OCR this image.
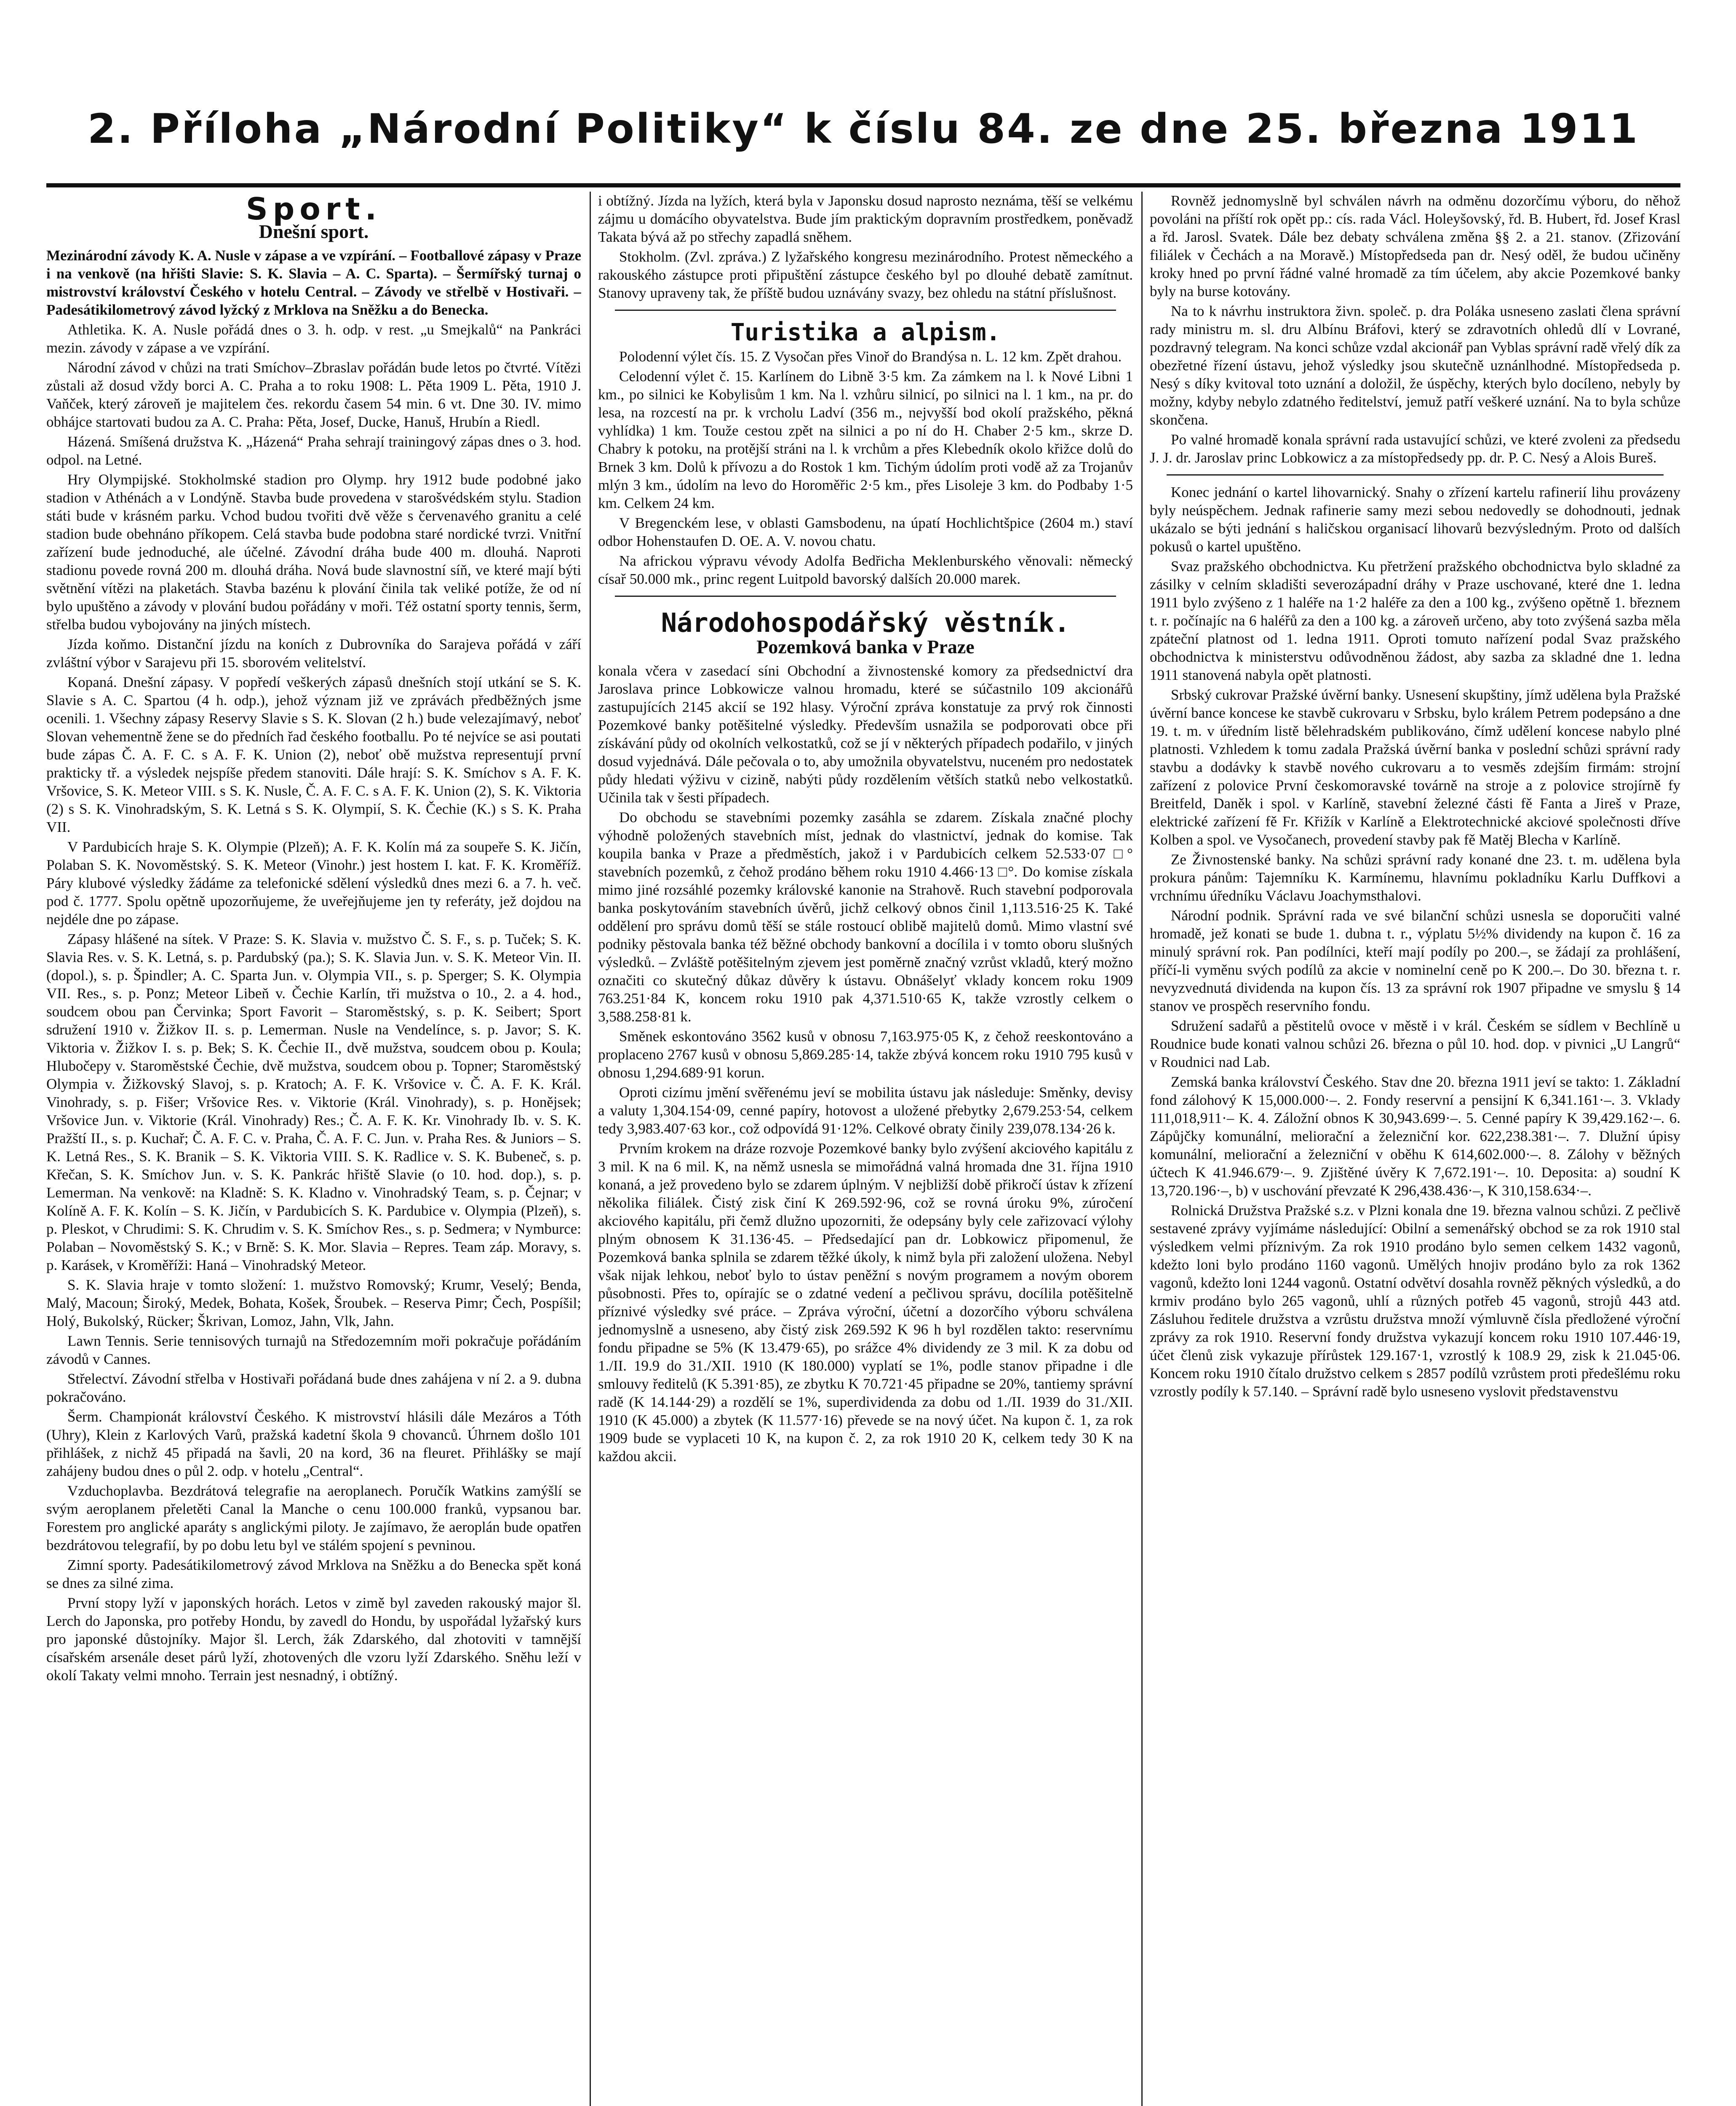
2. Příloha „Národní Politiky“ k číslu 84. ze dne 25. března 1911
Sport.
Dnešní sport.

Mezinárodní závody K. A. Nusle v zápase a ve vzpírání. – Footballové zápasy v Praze i na venkově (na hřišti Slavie: S. K. Slavia – A. C. Sparta). – Šermířský turnaj o mistrovství království Českého v hotelu Central. – Závody ve střelbě v Hostivaři. – Padesátikilometrový závod lyžcký z Mrklova na Sněžku a do Benecka.

Athletika. K. A. Nusle pořádá dnes o 3. h. odp. v rest. „u Smejkalů“ na Pankráci mezin. závody v zápase a ve vzpírání.

Národní závod v chůzi na trati Smíchov–Zbraslav pořádán bude letos po čtvrté. Vítězi zůstali až dosud vždy borci A. C. Praha a to roku 1908: L. Pěta 1909 L. Pěta, 1910 J. Vaňček, který zároveň je majitelem čes. rekordu časem 54 min. 6 vt. Dne 30. IV. mimo obhájce startovati budou za A. C. Praha: Pěta, Josef, Ducke, Hanuš, Hrubín a Riedl.

Házená. Smíšená družstva K. „Házená“ Praha sehrají trainingový zápas dnes o 3. hod. odpol. na Letné.

Hry Olympijské. Stokholmské stadion pro Olymp. hry 1912 bude podobné jako stadion v Athénách a v Londýně. Stavba bude provedena v starošvédském stylu. Stadion státi bude v krásném parku. Vchod budou tvořiti dvě věže s červenavého granitu a celé stadion bude obehnáno příkopem. Celá stavba bude podobna staré nordické tvrzi. Vnitřní zařízení bude jednoduché, ale účelné. Závodní dráha bude 400 m. dlouhá. Naproti stadionu povede rovná 200 m. dlouhá dráha. Nová bude slavnostní síň, ve které mají býti světnění vítězi na plaketách. Stavba bazénu k plování činila tak veliké potíže, že od ní bylo upuštěno a závody v plování budou pořádány v moři. Též ostatní sporty tennis, šerm, střelba budou vybojovány na jiných místech.

Jízda koňmo. Distanční jízdu na koních z Dubrovníka do Sarajeva pořádá v září zvláštní výbor v Sarajevu při 15. sborovém velitelství.

Kopaná. Dnešní zápasy. V popředí veškerých zápasů dnešních stojí utkání se S. K. Slavie s A. C. Spartou (4 h. odp.), jehož význam již ve zprávách předběžných jsme ocenili. 1. Všechny zápasy Reservy Slavie s S. K. Slovan (2 h.) bude velezajímavý, neboť Slovan vehementně žene se do předních řad českého footballu. Po té nejvíce se asi poutati bude zápas Č. A. F. C. s A. F. K. Union (2), neboť obě mužstva representují první prakticky tř. a výsledek nejspíše předem stanoviti. Dále hrají: S. K. Smíchov s A. F. K. Vršovice, S. K. Meteor VIII. s S. K. Nusle, Č. A. F. C. s A. F. K. Union (2), S. K. Viktoria (2) s S. K. Vinohradským, S. K. Letná s S. K. Olympií, S. K. Čechie (K.) s S. K. Praha VII.

V Pardubicích hraje S. K. Olympie (Plzeň); A. F. K. Kolín má za soupeře S. K. Jičín, Polaban S. K. Novoměstský. S. K. Meteor (Vinohr.) jest hostem I. kat. F. K. Kroměříž. Páry klubové výsledky žádáme za telefonické sdělení výsledků dnes mezi 6. a 7. h. več. pod č. 1777. Spolu opětně upozorňujeme, že uveřejňujeme jen ty referáty, jež dojdou na nejdéle dne po zápase.

Zápasy hlášené na sítek. V Praze: S. K. Slavia v. mužstvo Č. S. F., s. p. Tuček; S. K. Slavia Res. v. S. K. Letná, s. p. Pardubský (pa.); S. K. Slavia Jun. v. S. K. Meteor Vin. II. (dopol.), s. p. Špindler; A. C. Sparta Jun. v. Olympia VII., s. p. Sperger; S. K. Olympia VII. Res., s. p. Ponz; Meteor Libeň v. Čechie Karlín, tři mužstva o 10., 2. a 4. hod., soudcem obou pan Červinka; Sport Favorit – Staroměstský, s. p. K. Seibert; Sport sdružení 1910 v. Žižkov II. s. p. Lemerman. Nusle na Vendelínce, s. p. Javor; S. K. Viktoria v. Žižkov I. s. p. Bek; S. K. Čechie II., dvě mužstva, soudcem obou p. Koula; Hlubočepy v. Staroměstské Čechie, dvě mužstva, soudcem obou p. Topner; Staroměstský Olympia v. Žižkovský Slavoj, s. p. Kratoch; A. F. K. Vršovice v. Č. A. F. K. Král. Vinohrady, s. p. Fišer; Vršovice Res. v. Viktorie (Král. Vinohrady), s. p. Honějsek; Vršovice Jun. v. Viktorie (Král. Vinohrady) Res.; Č. A. F. K. Kr. Vinohrady Ib. v. S. K. Pražští II., s. p. Kuchař; Č. A. F. C. v. Praha, Č. A. F. C. Jun. v. Praha Res. & Juniors – S. K. Letná Res., S. K. Branik – S. K. Viktoria VIII. S. K. Radlice v. S. K. Bubeneč, s. p. Křečan, S. K. Smíchov Jun. v. S. K. Pankrác hřiště Slavie (o 10. hod. dop.), s. p. Lemerman. Na venkově: na Kladně: S. K. Kladno v. Vinohradský Team, s. p. Čejnar; v Kolíně A. F. K. Kolín – S. K. Jičín, v Pardubicích S. K. Pardubice v. Olympia (Plzeň), s. p. Pleskot, v Chrudimi: S. K. Chrudim v. S. K. Smíchov Res., s. p. Sedmera; v Nymburce: Polaban – Novoměstský S. K.; v Brně: S. K. Mor. Slavia – Repres. Team záp. Moravy, s. p. Karásek, v Kroměříži: Haná – Vinohradský Meteor.

S. K. Slavia hraje v tomto složení: 1. mužstvo Romovský; Krumr, Veselý; Benda, Malý, Macoun; Široký, Medek, Bohata, Košek, Šroubek. – Reserva Pimr; Čech, Pospíšil; Holý, Bukolský, Rücker; Škrivan, Lomoz, Jahn, Vlk, Jahn.

Lawn Tennis. Serie tennisových turnajů na Středozemním moři pokračuje pořádáním závodů v Cannes.

Střelectví. Závodní střelba v Hostivaři pořádaná bude dnes zahájena v ní 2. a 9. dubna pokračováno.

Šerm. Championát království Českého. K mistrovství hlásili dále Mezáros a Tóth (Uhry), Klein z Karlových Varů, pražská kadetní škola 9 chovanců. Úhrnem došlo 101 přihlášek, z nichž 45 připadá na šavli, 20 na kord, 36 na fleuret. Přihlášky se mají zahájeny budou dnes o půl 2. odp. v hotelu „Central“.

Vzduchoplavba. Bezdrátová telegrafie na aeroplanech. Poručík Watkins zamýšlí se svým aeroplanem přeletěti Canal la Manche o cenu 100.000 franků, vypsanou bar. Forestem pro anglické aparáty s anglickými piloty. Je zajímavo, že aeroplán bude opatřen bezdrátovou telegrafií, by po dobu letu byl ve stálém spojení s pevninou.

Zimní sporty. Padesátikilometrový závod Mrklova na Sněžku a do Benecka spět koná se dnes za silné zima.

První stopy lyží v japonských horách. Letos v zimě byl zaveden rakouský major šl. Lerch do Japonska, pro potřeby Hondu, by zavedl do Hondu, by uspořádal lyžařský kurs pro japonské důstojníky. Major šl. Lerch, žák Zdarského, dal zhotoviti v tamnější císařském arsenále deset párů lyží, zhotovených dle vzoru lyží Zdarského. Sněhu leží v okolí Takaty velmi mnoho. Terrain jest nesnadný, i obtížný.

i obtížný. Jízda na lyžích, která byla v Japonsku dosud naprosto neznáma, těší se velkému zájmu u domácího obyvatelstva. Bude jím praktickým dopravním prostředkem, poněvadž Takata bývá až po střechy zapadlá sněhem.

Stokholm. (Zvl. zpráva.) Z lyžařského kongresu mezinárodního. Protest německého a rakouského zástupce proti připuštění zástupce českého byl po dlouhé debatě zamítnut. Stanovy upraveny tak, že příště budou uznávány svazy, bez ohledu na státní příslušnost.

Turistika a alpism.

Polodenní výlet čís. 15. Z Vysočan přes Vinoř do Brandýsa n. L. 12 km. Zpět drahou.

Celodenní výlet č. 15. Karlínem do Libně 3·5 km. Za zámkem na l. k Nové Libni 1 km., po silnici ke Kobylisům 1 km. Na l. vzhůru silnicí, po silnici na l. 1 km., na pr. do lesa, na rozcestí na pr. k vrcholu Ladví (356 m., nejvyšší bod okolí pražského, pěkná vyhlídka) 1 km. Touže cestou zpět na silnici a po ní do H. Chaber 2·5 km., skrze D. Chabry k potoku, na protější stráni na l. k vrchům a přes Klebedník okolo křižce dolů do Brnek 3 km. Dolů k přívozu a do Rostok 1 km. Tichým údolím proti vodě až za Trojanův mlýn 3 km., údolím na levo do Horoměřic 2·5 km., přes Lisoleje 3 km. do Podbaby 1·5 km. Celkem 24 km.

V Bregenckém lese, v oblasti Gamsbodenu, na úpatí Hochlichtšpice (2604 m.) staví odbor Hohenstaufen D. OE. A. V. novou chatu.

Na africkou výpravu vévody Adolfa Bedřicha Meklenburského věnovali: německý císař 50.000 mk., princ regent Luitpold bavorský dalších 20.000 marek.

Národohospodářský věstník.
Pozemková banka v Praze

konala včera v zasedací síni Obchodní a živnostenské komory za předsednictví dra Jaroslava prince Lobkowicze valnou hromadu, které se súčastnilo 109 akcionářů zastupujících 2145 akcií se 192 hlasy. Výroční zpráva konstatuje za prvý rok činnosti Pozemkové banky potěšitelné výsledky. Především usnažila se podporovati obce při získávání půdy od okolních velkostatků, což se jí v některých případech podařilo, v jiných dosud vyjednává. Dále pečovala o to, aby umožnila obyvatelstvu, nuceném pro nedostatek půdy hledati výživu v cizině, nabýti půdy rozdělením větších statků nebo velkostatků. Učinila tak v šesti případech.

Do obchodu se stavebními pozemky zasáhla se zdarem. Získala značné plochy výhodně položených stavebních míst, jednak do vlastnictví, jednak do komise. Tak koupila banka v Praze a předměstích, jakož i v Pardubicích celkem 52.533·07 □° stavebních pozemků, z čehož prodáno během roku 1910 4.466·13 □°. Do komise získala mimo jiné rozsáhlé pozemky královské kanonie na Strahově. Ruch stavební podporovala banka poskytováním stavebních úvěrů, jichž celkový obnos činil 1,113.516·25 K. Také oddělení pro správu domů těší se stále rostoucí oblibě majitelů domů. Mimo vlastní své podniky pěstovala banka též běžné obchody bankovní a docílila i v tomto oboru slušných výsledků. – Zvláště potěšitelným zjevem jest poměrně značný vzrůst vkladů, který možno označiti co skutečný důkaz důvěry k ústavu. Obnášelyť vklady koncem roku 1909 763.251·84 K, koncem roku 1910 pak 4,371.510·65 K, takže vzrostly celkem o 3,588.258·81 k.

Směnek eskontováno 3562 kusů v obnosu 7,163.975·05 K, z čehož reeskontováno a proplaceno 2767 kusů v obnosu 5,869.285·14, takže zbývá koncem roku 1910 795 kusů v obnosu 1,294.689·91 korun.

Oproti cizímu jmění svěřenému jeví se mobilita ústavu jak následuje: Směnky, devisy a valuty 1,304.154·09, cenné papíry, hotovost a uložené přebytky 2,679.253·54, celkem tedy 3,983.407·63 kor., což odpovídá 91·12%. Celkové obraty činily 239,078.134·26 k.

Prvním krokem na dráze rozvoje Pozemkové banky bylo zvýšení akciového kapitálu z 3 mil. K na 6 mil. K, na němž usnesla se mimořádná valná hromada dne 31. října 1910 konaná, a jež provedeno bylo se zdarem úplným. V nejbližší době přikročí ústav k zřízení několika filiálek. Čistý zisk činí K 269.592·96, což se rovná úroku 9%, zúročení akciového kapitálu, při čemž dlužno upozorniti, že odepsány byly cele zařizovací výlohy plným obnosem K 31.136·45. – Předsedající pan dr. Lobkowicz připomenul, že Pozemková banka splnila se zdarem těžké úkoly, k nimž byla při založení uložena. Nebyl však nijak lehkou, neboť bylo to ústav peněžní s novým programem a novým oborem působnosti. Přes to, opírajíc se o zdatné vedení a pečlivou správu, docílila potěšitelně příznivé výsledky své práce. – Zpráva výroční, účetní a dozorčího výboru schválena jednomyslně a usneseno, aby čistý zisk 269.592 K 96 h byl rozdělen takto: reservnímu fondu připadne se 5% (K 13.479·65), po srážce 4% dividendy ze 3 mil. K za dobu od 1./II. 19.9 do 31./XII. 1910 (K 180.000) vyplatí se 1%, podle stanov připadne i dle smlouvy ředitelů (K 5.391·85), ze zbytku K 70.721·45 připadne se 20%, tantiemy správní radě (K 14.144·29) a rozdělí se 1%, superdividenda za dobu od 1./II. 1939 do 31./XII. 1910 (K 45.000) a zbytek (K 11.577·16) převede se na nový účet. Na kupon č. 1, za rok 1909 bude se vyplaceti 10 K, na kupon č. 2, za rok 1910 20 K, celkem tedy 30 K na každou akcii.

Rovněž jednomyslně byl schválen návrh na odměnu dozorčímu výboru, do něhož povoláni na příští rok opět pp.: cís. rada Václ. Holeyšovský, řd. B. Hubert, řd. Josef Krasl a řd. Jarosl. Svatek. Dále bez debaty schválena změna §§ 2. a 21. stanov. (Zřizování filiálek v Čechách a na Moravě.) Místopředseda pan dr. Nesý oděl, že budou učiněny kroky hned po první řádné valné hromadě za tím účelem, aby akcie Pozemkové banky byly na burse kotovány.

Na to k návrhu instruktora živn. společ. p. dra Poláka usneseno zaslati člena správní rady ministru m. sl. dru Albínu Bráfovi, který se zdravotních ohledů dlí v Lovrané, pozdravný telegram. Na konci schůze vzdal akcionář pan Vyblas správní radě vřelý dík za obezřetné řízení ústavu, jehož výsledky jsou skutečně uznánlhodné. Místopředseda p. Nesý s díky kvitoval toto uznání a doložil, že úspěchy, kterých bylo docíleno, nebyly by možny, kdyby nebylo zdatného ředitelství, jemuž patří veškeré uznání. Na to byla schůze skončena.

Po valné hromadě konala správní rada ustavující schůzi, ve které zvoleni za předsedu J. J. dr. Jaroslav princ Lobkowicz a za místopředsedy pp. dr. P. C. Nesý a Alois Bureš.

Konec jednání o kartel lihovarnický. Snahy o zřízení kartelu rafinerií lihu provázeny byly neúspěchem. Jednak rafinerie samy mezi sebou nedovedly se dohodnouti, jednak ukázalo se býti jednání s haličskou organisací lihovarů bezvýsledným. Proto od dalších pokusů o kartel upuštěno.

Svaz pražského obchodnictva. Ku přetržení pražského obchodnictva bylo skladné za zásilky v celním skladišti severozápadní dráhy v Praze uschované, které dne 1. ledna 1911 bylo zvýšeno z 1 haléře na 1·2 haléře za den a 100 kg., zvýšeno opětně 1. březnem t. r. počínajíc na 6 haléřů za den a 100 kg. a zároveň určeno, aby toto zvýšená sazba měla zpáteční platnost od 1. ledna 1911. Oproti tomuto nařízení podal Svaz pražského obchodnictva k ministerstvu odůvodněnou žádost, aby sazba za skladné dne 1. ledna 1911 stanovená nabyla opět platnosti.

Srbský cukrovar Pražské úvěrní banky. Usnesení skupštiny, jímž udělena byla Pražské úvěrní bance koncese ke stavbě cukrovaru v Srbsku, bylo králem Petrem podepsáno a dne 19. t. m. v úředním listě bělehradském publikováno, čímž udělení koncese nabylo plné platnosti. Vzhledem k tomu zadala Pražská úvěrní banka v poslední schůzi správní rady stavbu a dodávky k stavbě nového cukrovaru a to vesměs zdejším firmám: strojní zařízení z polovice První českomoravské továrně na stroje a z polovice strojírně fy Breitfeld, Daněk i spol. v Karlíně, stavební železné části fě Fanta a Jireš v Praze, elektrické zařízení fě Fr. Křižík v Karlíně a Elektrotechnické akciové společnosti dříve Kolben a spol. ve Vysočanech, provedení stavby pak fě Matěj Blecha v Karlíně.

Ze Živnostenské banky. Na schůzi správní rady konané dne 23. t. m. udělena byla prokura pánům: Tajemníku K. Karmínemu, hlavnímu pokladníku Karlu Duffkovi a vrchnímu úředníku Václavu Joachymsthalovi.

Národní podnik. Správní rada ve své bilanční schůzi usnesla se doporučiti valné hromadě, jež konati se bude 1. dubna t. r., výplatu 5½% dividendy na kupon č. 16 za minulý správní rok. Pan podílníci, kteří mají podíly po 200.–, se žádají za prohlášení, příčí-li vyměnu svých podílů za akcie v nominelní ceně po K 200.–. Do 30. března t. r. nevyzvednutá dividenda na kupon čís. 13 za správní rok 1907 připadne ve smyslu § 14 stanov ve prospěch reservního fondu.

Sdružení sadařů a pěstitelů ovoce v městě i v král. Českém se sídlem v Bechlíně u Roudnice bude konati valnou schůzi 26. března o půl 10. hod. dop. v pivnici „U Langrů“ v Roudnici nad Lab.

Zemská banka království Českého. Stav dne 20. března 1911 jeví se takto: 1. Základní fond zálohový K 15,000.000·–. 2. Fondy reservní a pensijní K 6,341.161·–. 3. Vklady 111,018,911·– K. 4. Záložní obnos K 30,943.699·–. 5. Cenné papíry K 39,429.162·–. 6. Zápůjčky komunální, meliorační a železniční kor. 622,238.381·–. 7. Dlužní úpisy komunální, meliorační a železniční v oběhu K 614,602.000·–. 8. Zálohy v běžných účtech K 41.946.679·–. 9. Zjištěné úvěry K 7,672.191·–. 10. Deposita: a) soudní K 13,720.196·–, b) v uschování převzaté K 296,438.436·–, K 310,158.634·–.

Rolnická Družstva Pražské s.z. v Plzni konala dne 19. března valnou schůzi. Z pečlivě sestavené zprávy vyjímáme následující: Obilní a semenářský obchod se za rok 1910 stal výsledkem velmi příznivým. Za rok 1910 prodáno bylo semen celkem 1432 vagonů, kdežto loni bylo prodáno 1160 vagonů. Umělých hnojiv prodáno bylo za rok 1362 vagonů, kdežto loni 1244 vagonů. Ostatní odvětví dosahla rovněž pěkných výsledků, a do krmiv prodáno bylo 265 vagonů, uhlí a různých potřeb 45 vagonů, strojů 443 atd. Zásluhou ředitele družstva a vzrůstu družstva množí výmluvně čísla předložené výroční zprávy za rok 1910. Reservní fondy družstva vykazují koncem roku 1910 107.446·19, účet členů zisk vykazuje přírůstek 129.167·1, vzrostlý k 108.9 29, zisk k 21.045·06. Koncem roku 1910 čítalo družstvo celkem s 2857 podílů vzrůstem proti předešlému roku vzrostly podíly k 57.140. – Správní radě bylo usneseno vyslovit představenstvu
